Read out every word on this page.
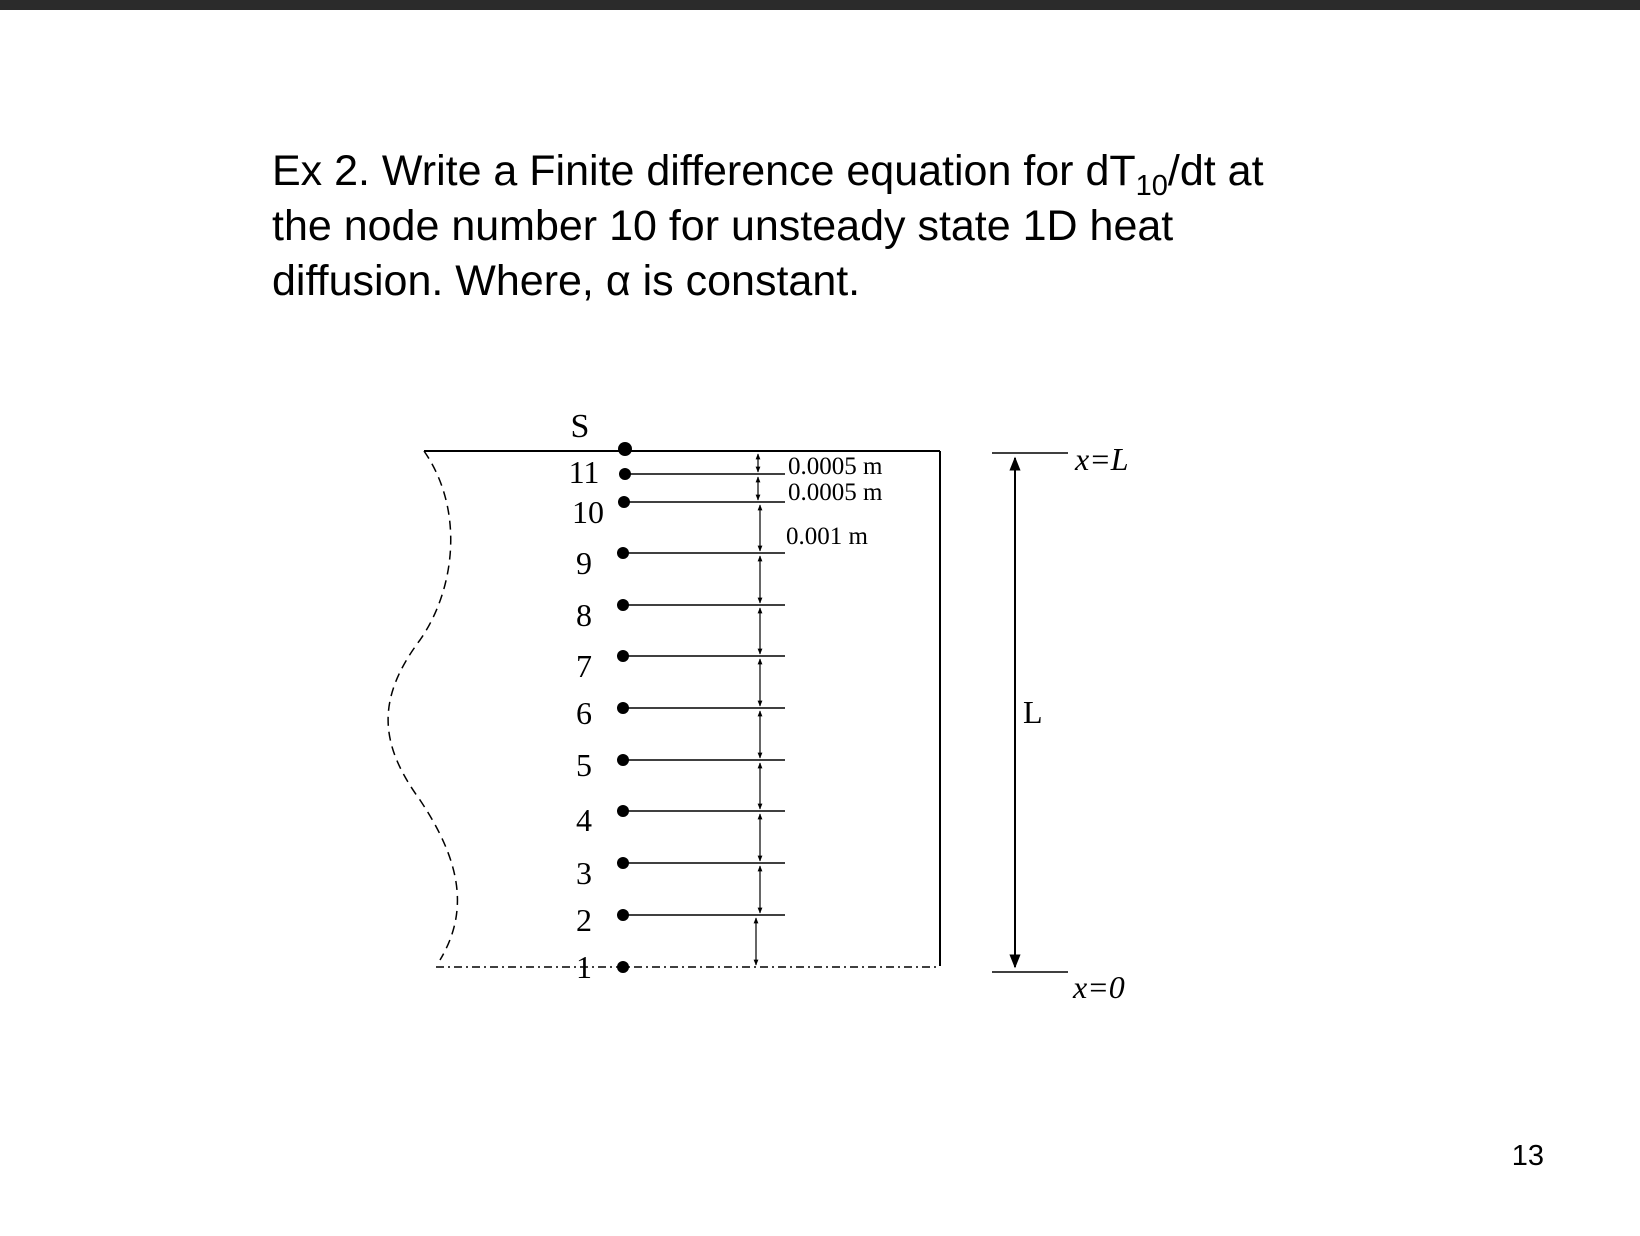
Ex 2. Write a Finite difference equation for $dT_{10}/dt$ at
the node number 10 for unsteady state 1D heat
diffusion. Where, α is constant.
S
11
10
9
8
7
6
5
4
3
2
1
0.0005 m
0.0005 m
0.001 m
L
x=L
x=0
13
